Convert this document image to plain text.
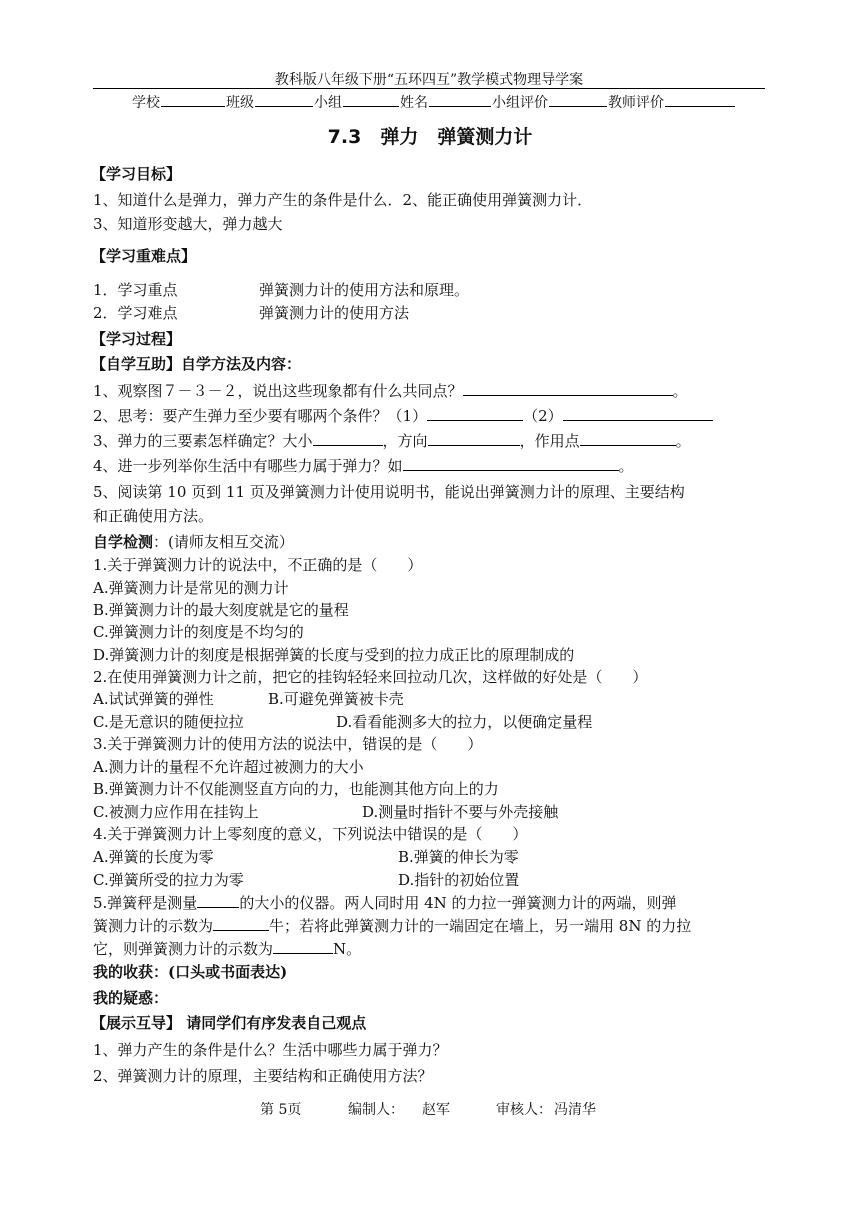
教科版八年级下册“五环四互”教学模式物理导学案
学校	班级	小组	姓名	小组评价	教师评价
7.3　弹力　弹簧测力计
【学习目标】
1、知道什么是弹力，弹力产生的条件是什么．2、能正确使用弹簧测力计．
3、知道形变越大，弹力越大
【学习重难点】
1．学习重点	弹簧测力计的使用方法和原理。
2．学习难点	弹簧测力计的使用方法
【学习过程】
【自学互助】自学方法及内容：
1、观察图７－３－２，说出这些现象都有什么共同点？	。
2、思考：要产生弹力至少要有哪两个条件？（1）	（2）
3、弹力的三要素怎样确定？大小	，方向	，作用点	。
4、进一步列举你生活中有哪些力属于弹力？如	。
5、阅读第 10 页到 11 页及弹簧测力计使用说明书，能说出弹簧测力计的原理、主要结构
和正确使用方法。
自学检测：(请师友相互交流）
1.关于弹簧测力计的说法中，不正确的是（　　）
A.弹簧测力计是常见的测力计
B.弹簧测力计的最大刻度就是它的量程
C.弹簧测力计的刻度是不均匀的
D.弹簧测力计的刻度是根据弹簧的长度与受到的拉力成正比的原理制成的
2.在使用弹簧测力计之前，把它的挂钩轻轻来回拉动几次，这样做的好处是（　　）
A.试试弹簧的弹性	B.可避免弹簧被卡壳
C.是无意识的随便拉拉	D.看看能测多大的拉力，以便确定量程
3.关于弹簧测力计的使用方法的说法中，错误的是（　　）
A.测力计的量程不允许超过被测力的大小
B.弹簧测力计不仅能测竖直方向的力，也能测其他方向上的力
C.被测力应作用在挂钩上	D.测量时指针不要与外壳接触
4.关于弹簧测力计上零刻度的意义，下列说法中错误的是（　　）
A.弹簧的长度为零	B.弹簧的伸长为零
C.弹簧所受的拉力为零	D.指针的初始位置
5.弹簧秤是测量	的大小的仪器。两人同时用 4N 的力拉一弹簧测力计的两端，则弹
簧测力计的示数为	牛；若将此弹簧测力计的一端固定在墙上，另一端用 8N 的力拉
它，则弹簧测力计的示数为	N。
我的收获：(口头或书面表达)
我的疑惑：
【展示互导】 请同学们有序发表自己观点
1、弹力产生的条件是什么？生活中哪些力属于弹力？
2、弹簧测力计的原理，主要结构和正确使用方法？
第 5页	编制人： 赵军	审核人： 冯清华
